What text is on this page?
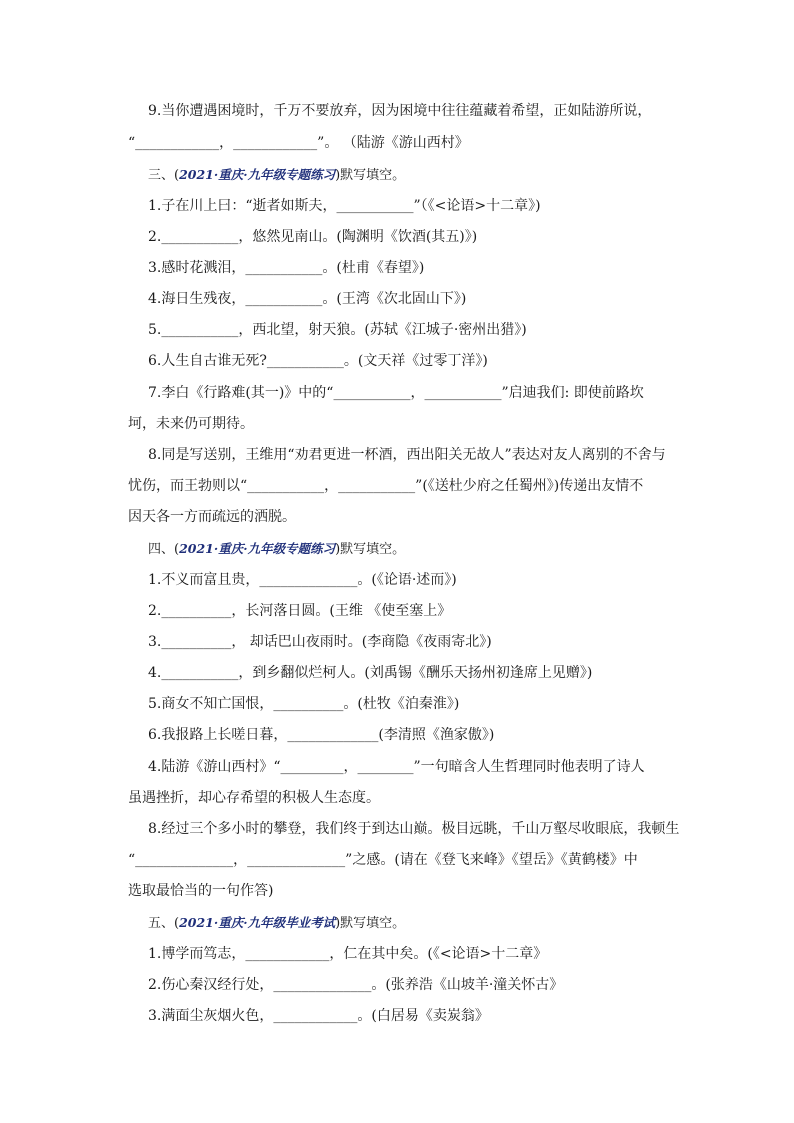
9.当你遭遇困境时，千万不要放弃，因为困境中往往蕴藏着希望，正如陆游所说，
“____________，____________”。 （陆游《游山西村》
三、(2021·重庆·九年级专题练习)默写填空。
1.子在川上曰：“逝者如斯夫，___________”（《<论语>十二章》)
2.___________，悠然见南山。(陶渊明《饮酒(其五)》)
3.感时花溅泪，___________。(杜甫《春望》)
4.海日生残夜，___________。(王湾《次北固山下》)
5.___________，西北望，射天狼。(苏轼《江城子·密州出猎》)
6.人生自古谁无死?___________。(文天祥《过零丁洋》)
7.李白《行路难(其一)》中的“___________，___________”启迪我们: 即使前路坎
坷，未来仍可期待。
8.同是写送别，王维用“劝君更进一杯酒，西出阳关无故人”表达对友人离别的不舍与
忧伤，而王勃则以“___________，___________”(《送杜少府之任蜀州》)传递出友情不
因天各一方而疏远的洒脱。
四、(2021·重庆·九年级专题练习)默写填空。
1.不义而富且贵，______________。(《论语·述而》)
2.__________，长河落日圆。(王维 《使至塞上》
3.__________， 却话巴山夜雨时。(李商隐《夜雨寄北》)
4.___________，到乡翻似烂柯人。(刘禹锡《酬乐天扬州初逢席上见赠》)
5.商女不知亡国恨，__________。(杜牧《泊秦淮》)
6.我报路上长嗟日暮，_____________(李清照《渔家傲》)
4.陆游《游山西村》“_________，________”一句暗含人生哲理同时他表明了诗人
虽遇挫折，却心存希望的积极人生态度。
8.经过三个多小时的攀登，我们终于到达山巅。极目远眺，千山万壑尽收眼底，我顿生
“______________，______________”之感。(请在《登飞来峰》《望岳》《黄鹤楼》中
选取最恰当的一句作答)
五、(2021·重庆·九年级毕业考试)默写填空。
1.博学而笃志，____________，仁在其中矣。(《<论语>十二章》
2.伤心秦汉经行处，______________。(张养浩《山坡羊·潼关怀古》
3.满面尘灰烟火色，____________。(白居易《卖炭翁》
